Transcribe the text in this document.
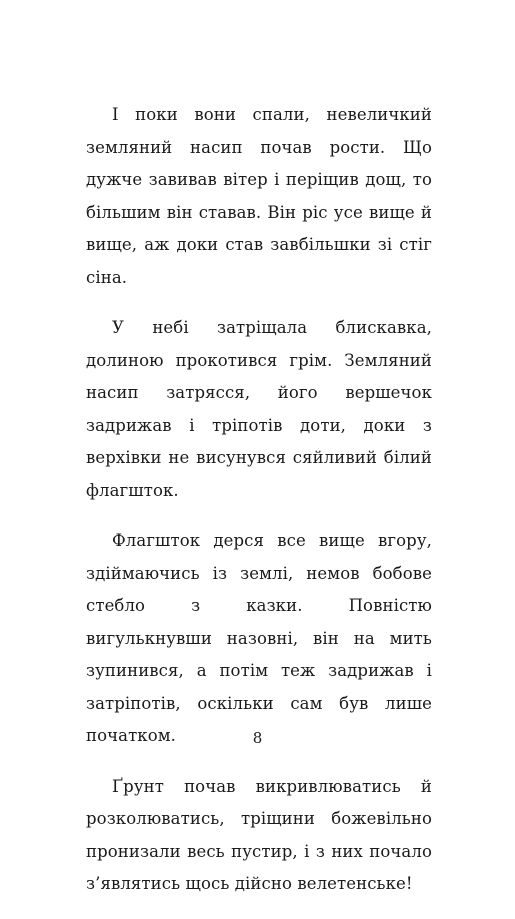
І поки вони спали, невеличкий земляний насип почав рости. Що дужче завивав вітер і періщив дощ, то більшим він ставав. Він ріс усе вище й вище, аж доки став завбільшки зі стіг сіна.

У небі затріщала блискавка, долиною прокотився грім. Земляний насип затрясся, його вершечок задрижав і тріпотів доти, доки з верхівки не висунувся сяйливий білий флагшток.

Флагшток дерся все вище вгору, здіймаючись із землі, немов бобове стебло з казки. Повністю вигулькнувши назовні, він на мить зупинився, а потім теж задрижав і затріпотів, оскільки сам був лише початком.

Ґрунт почав викривлюватись й розколюватись, тріщини божевільно пронизали весь пустир, і з них почало з’являтись щось дійсно велетенське!

8
